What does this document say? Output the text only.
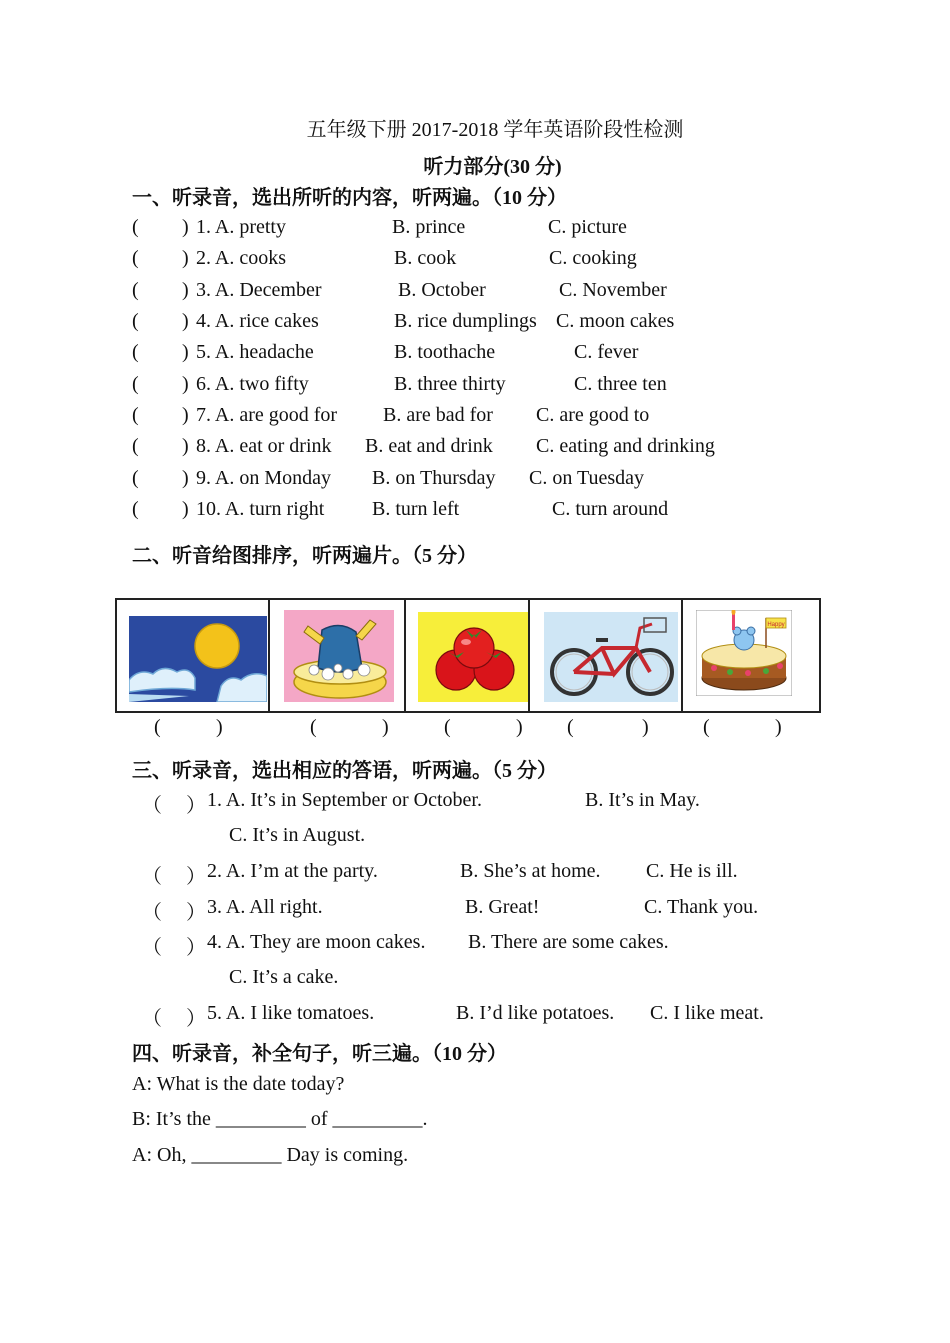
五年级下册 2017-2018 学年英语阶段性检测
听力部分(30 分)
一、听录音，选出所听的内容，听两遍。（10 分）
( ) 1. A. pretty	B. prince	C. picture
( ) 2. A. cooks	B. cook	C. cooking
( ) 3. A. December	B. October	C. November
( ) 4. A. rice cakes	B. rice dumplings C. moon cakes
( ) 5. A. headache	B. toothache	C. fever
( ) 6. A. two fifty	B. three thirty	C. three ten
( ) 7. A. are good for B. are bad for C. are good to
( ) 8. A. eat or drink B. eat and drink C. eating and drinking
( ) 9. A. on Monday B. on Thursday C. on Tuesday
( ) 10. A. turn right B. turn left	C. turn around
二、听音给图排序，听两遍片。（5 分）
Happy
(	)	(	)	(	) (	)	(	)
三、听录音，选出相应的答语，听两遍。（5 分）
（ ） 1. A. It’s in September or October.	B. It’s in May.
C. It’s in August.
（ ） 2. A. I’m at the party.	B. She’s at home. C. He is ill.
（ ） 3. A. All right.	B. Great!	C. Thank you.
（ ） 4. A. They are moon cakes. B. There are some cakes.
C. It’s a cake.
（ ） 5. A. I like tomatoes.	B. I’d like potatoes. C. I like meat.
四、听录音，补全句子，听三遍。（10 分）
A: What is the date today?
B: It’s the _________ of _________.
A: Oh, _________ Day is coming.
